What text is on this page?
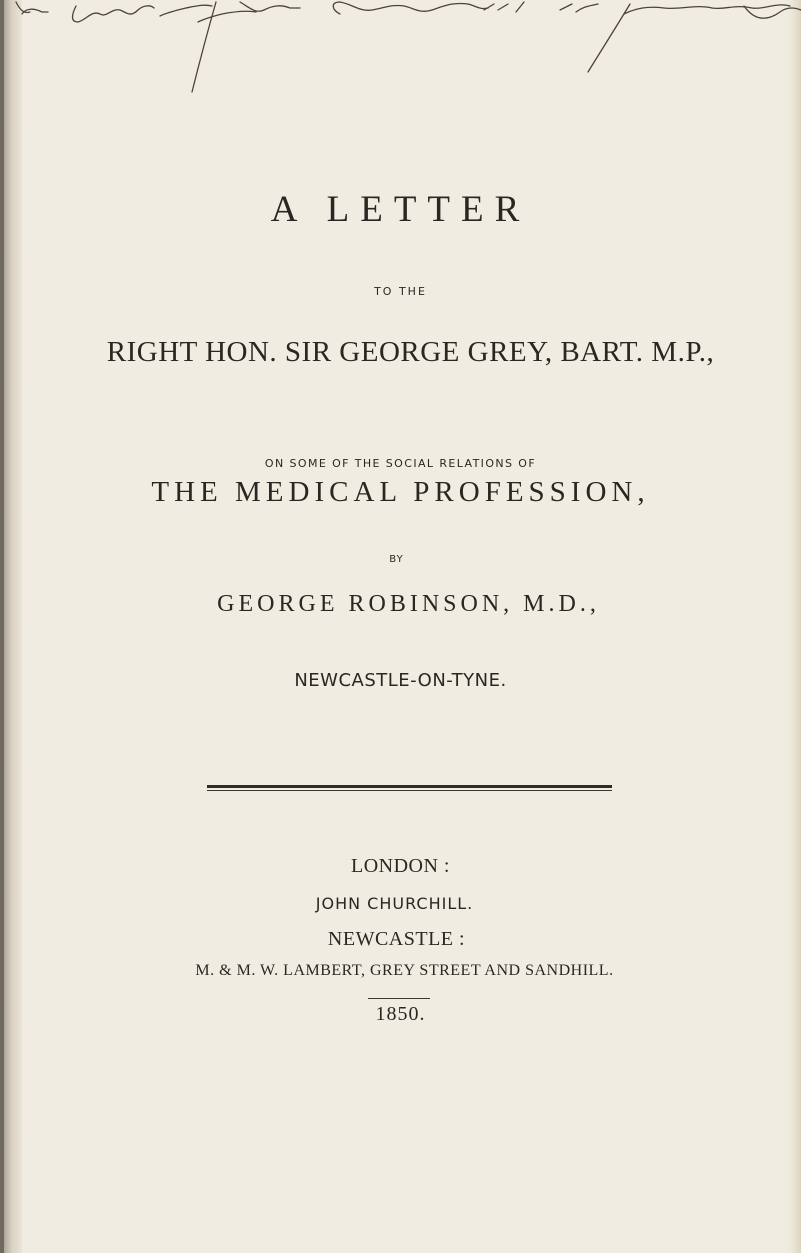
A LETTER
TO THE
RIGHT HON. SIR GEORGE GREY, BART. M.P.,
ON SOME OF THE SOCIAL RELATIONS OF
THE MEDICAL PROFESSION,
BY
GEORGE ROBINSON, M.D.,
NEWCASTLE-ON-TYNE.
LONDON :
JOHN CHURCHILL.
NEWCASTLE :
M. & M. W. LAMBERT, GREY STREET AND SANDHILL.
1850.
